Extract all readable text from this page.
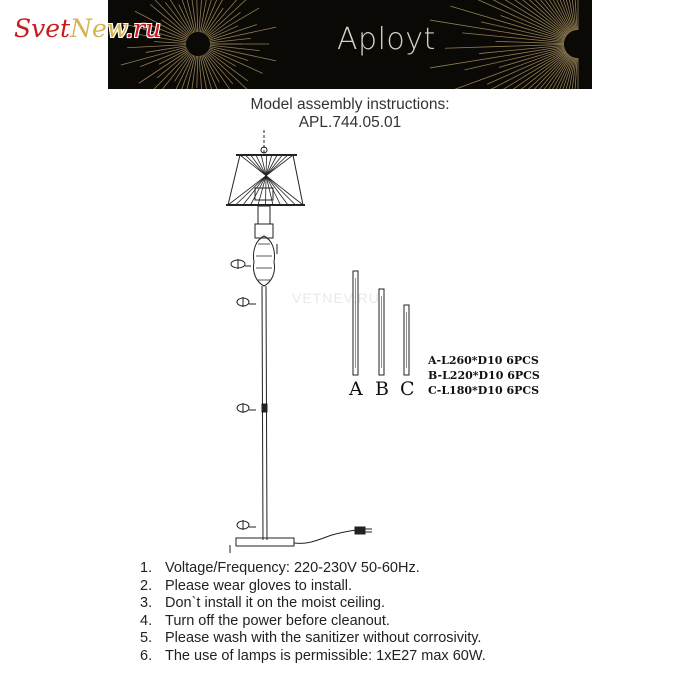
Aployt
SvetNew.ru
Model assembly instructions:
APL.744.05.01
VETNEV.RU
A B C
A-L260*D10 6PCS
B-L220*D10 6PCS
C-L180*D10 6PCS
1. Voltage/Frequency: 220-230V 50-60Hz.
2. Please wear gloves to install.
3. Don`t install it on the moist ceiling.
4. Turn off the power before cleanout.
5. Please wash with the sanitizer without corrosivity.
6. The use of lamps is permissible: 1xE27 max 60W.
